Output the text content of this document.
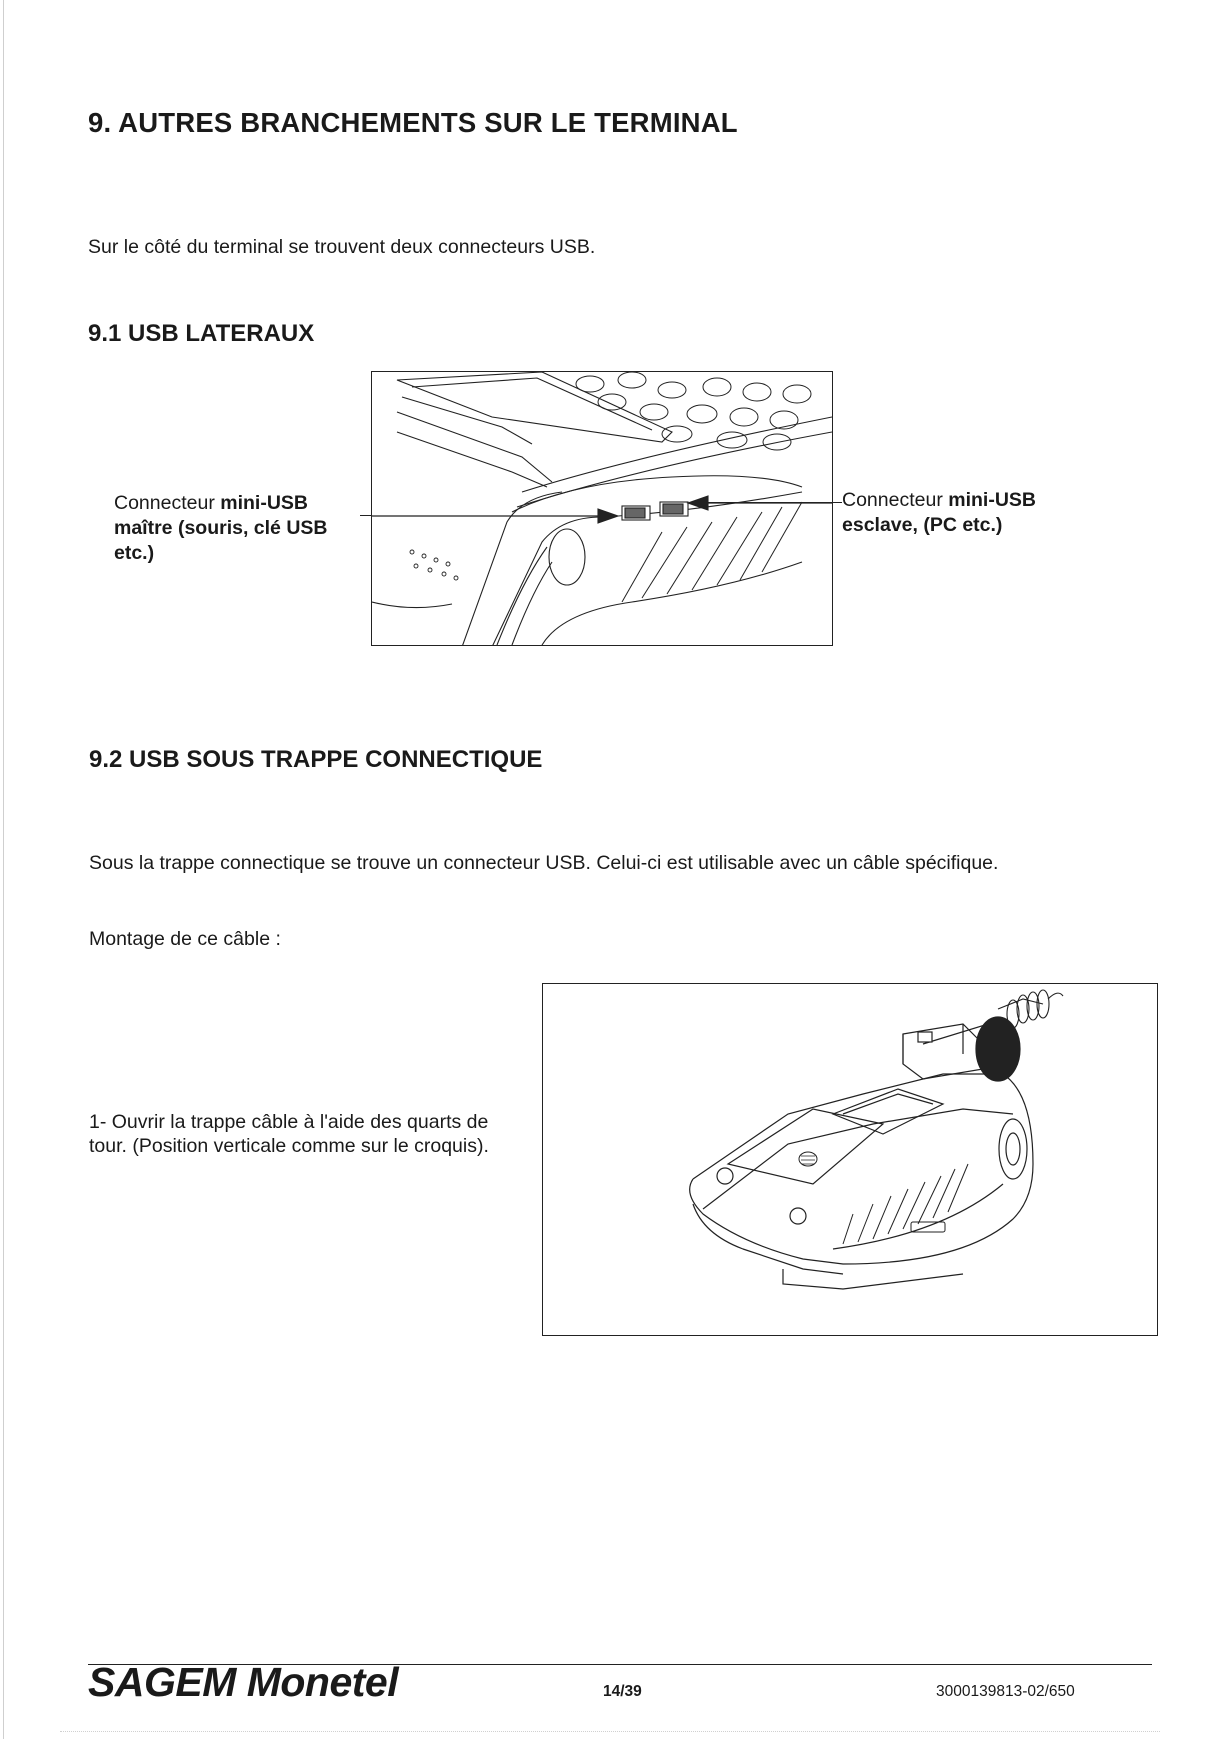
9. AUTRES BRANCHEMENTS SUR LE TERMINAL

Sur le côté du terminal se trouvent deux connecteurs USB.

9.1 USB LATERAUX

Connecteur mini-USB
maître (souris, clé USB etc.)

Connecteur mini-USB
esclave, (PC etc.)

9.2 USB SOUS TRAPPE CONNECTIQUE

Sous la trappe connectique se trouve un connecteur USB. Celui-ci est utilisable avec un câble spécifique.

Montage de ce câble :

1- Ouvrir la trappe câble à l'aide des quarts de tour. (Position verticale comme sur le croquis).

SAGEM Monetel	14/39	3000139813-02/650
